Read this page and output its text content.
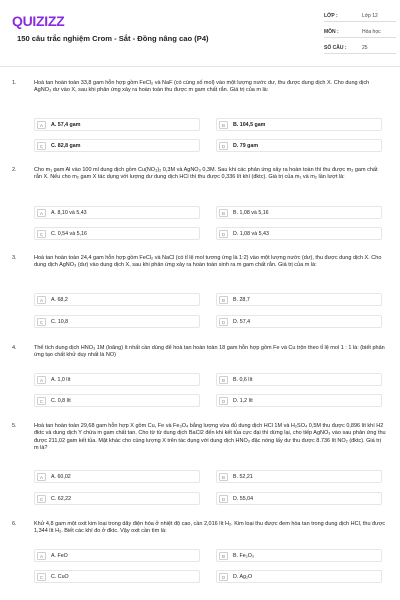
QUIZIZZ
150 câu trắc nghiệm Crom - Sắt - Đồng nâng cao (P4)
LỚP :	Lớp 12
MÔN :	Hóa học
SỐ CÂU :	25
1.	Hoà tan hoàn toàn 33,8 gam hỗn hợp gồm FeCl₂ và NaF (có cùng số mol) vào một lượng nước dư, thu được dung dịch X. Cho dung dịch AgNO₃ dư vào X, sau khi phản ứng xảy ra hoàn toàn thu được m gam chất rắn. Giá trị của m là:
A	A. 57,4 gam	B	B. 104,5 gam
C	C. 82,8 gam	D	D. 79 gam
2.	Cho m₁ gam Al vào 100 ml dung dịch gồm Cu(NO₃)₂ 0,3M và AgNO₃ 0,3M. Sau khi các phản ứng xảy ra hoàn toàn thì thu được m₂ gam chất rắn X. Nếu cho m₂ gam X tác dụng với lượng dư dung dịch HCl thì thu được 0,336 lít khí (đktc). Giá trị của m₁ và m₂ lần lượt là:
A	A. 8,10 và 5,43	B	B. 1,08 và 5,16
C	C. 0,54 và 5,16	D	D. 1,08 và 5,43
3.	Hoà tan hoàn toàn 24,4 gam hỗn hợp gồm FeCl₂ và NaCl (có tỉ lệ mol tương ứng là 1:2) vào một lượng nước (dư), thu được dung dịch X. Cho dung dịch AgNO₃ (dư) vào dung dịch X, sau khi phản ứng xảy ra hoàn toàn sinh ra m gam chất rắn. Giá trị của m là:
A	A. 68,2	B	B. 28,7
C	C. 10,8	D	D. 57,4
4.	Thể tích dung dịch HNO₃ 1M (loãng) ít nhất cần dùng để hoà tan hoàn toàn 18 gam hỗn hợp gồm Fe và Cu trộn theo tỉ lệ mol 1 : 1 là: (biết phản ứng tạo chất khử duy nhất là NO)
A	A. 1,0 lít	B	B. 0,6 lít
C	C. 0,8 lít	D	D. 1,2 lít
5.	Hoà tan hoàn toàn 29,68 gam hỗn hợp X gồm Cu, Fe và Fe₃O₄ bằng lượng vừa đủ dung dịch HCl 1M và H₂SO₄ 0,5M thu được 0,896 lít khí H2 đktc và dung dịch Y chứa m gam chất tan. Cho từ từ dung dịch BaCl2 đến khi kết tủa cực đại thì dừng lại, cho tiếp AgNO₃ vào sau phản ứng thu được 211,02 gam kết tủa. Mặt khác cho cùng lượng X trên tác dụng với dung dịch HNO₃ đặc nóng lấy dư thu được 8.736 lít NO₂ (đktc). Giá trị m là?
A	A. 60,02	B	B. 52,21
C	C. 62,22	D	D. 55,04
6.	Khử 4,8 gam một oxit kim loại trong dãy điện hóa ở nhiệt độ cao, cần 2,016 lít H₂. Kim loại thu được đem hòa tan trong dung dịch HCl, thu được 1,344 lít H₂. Biết các khí đo ở đktc. Vậy oxit cần tìm là:
A	A. FeO	B	B. Fe₂O₃
C	C. CuO	D	D. Ag₂O
